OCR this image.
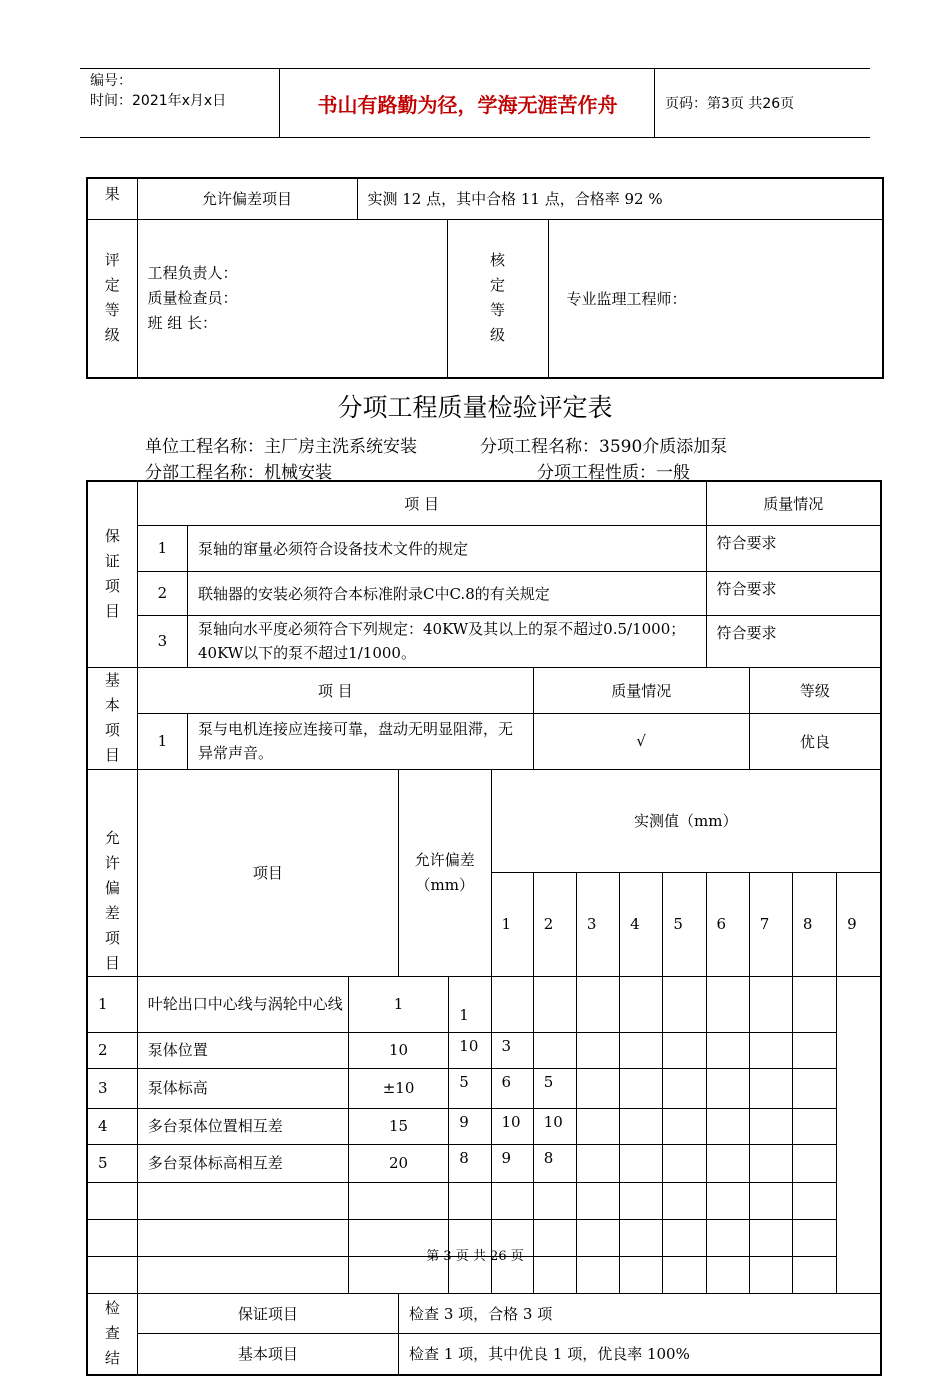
编号：
时间：2021年x月x日	书山有路勤为径，学海无涯苦作舟	页码：第3页 共26页
果	允许偏差项目	实测 12 点，其中合格 11 点，合格率 92 %		
评定等级	工程负责人：
质量检查员：
班 组 长：		核定等级	专业监理工程师：
分项工程质量检验评定表
单位工程名称：主厂房主洗系统安装	分项工程名称：3590介质添加泵
分部工程名称：机械安装	分项工程性质：一般
保证项目	项 目										质量情况			
	1	泵轴的窜量必须符合设备技术文件的规定									符合要求			
	2	联轴器的安装必须符合本标准附录C中C.8的有关规定									符合要求			
	3	泵轴向水平度必须符合下列规定：40KW及其以上的泵不超过0.5/1000；40KW以下的泵不超过1/1000。									符合要求			
基本项目	项 目						质量情况					等级		
	1	泵与电机连接应连接可靠，盘动无明显阻滞，无异常声音。					√					优良		
允许偏差项目	项目			允许偏差
（mm）		实测值（mm）								
						1	2	3	4	5	6	7	8	9
1	叶轮出口中心线与涡轮中心线		1		1									
2	泵体位置		10		10	3								
3	泵体标高		±10		5	6	5							
4	多台泵体位置相互差		15		9	10	10							
5	多台泵体标高相互差		20		8	9	8							

检查结	保证项目			检查 3 项，合格 3 项										
	基本项目			检查 1 项，其中优良 1 项，优良率 100%										
第 3 页 共 26 页
